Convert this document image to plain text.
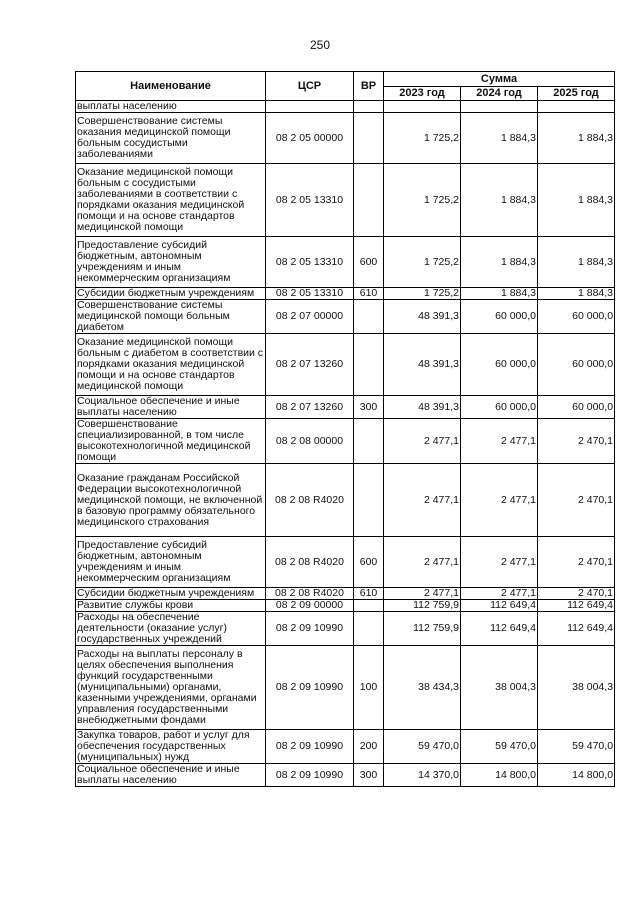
250
Наименование	ЦСР	ВР	Сумма		
			2023 год	2024 год	2025 год
выплаты населению					
Совершенствование системы оказания медицинской помощи больным сосудистыми заболеваниями	08 2 05 00000		1 725,2	1 884,3	1 884,3
Оказание медицинской помощи больным с сосудистыми заболеваниями в соответствии с порядками оказания медицинской помощи и на основе стандартов медицинской помощи	08 2 05 13310		1 725,2	1 884,3	1 884,3
Предоставление субсидий бюджетным, автономным учреждениям и иным некоммерческим организациям	08 2 05 13310	600	1 725,2	1 884,3	1 884,3
Субсидии бюджетным учреждениям	08 2 05 13310	610	1 725,2	1 884,3	1 884,3
Совершенствование системы медицинской помощи больным диабетом	08 2 07 00000		48 391,3	60 000,0	60 000,0
Оказание медицинской помощи больным с диабетом в соответствии с порядками оказания медицинской помощи и на основе стандартов медицинской помощи	08 2 07 13260		48 391,3	60 000,0	60 000,0
Социальное обеспечение и иные выплаты населению	08 2 07 13260	300	48 391,3	60 000,0	60 000,0
Совершенствование специализированной, в том числе высокотехнологичной медицинской помощи	08 2 08 00000		2 477,1	2 477,1	2 470,1
Оказание гражданам Российской Федерации высокотехнологичной медицинской помощи, не включенной в базовую программу обязательного медицинского страхования	08 2 08 R4020		2 477,1	2 477,1	2 470,1
Предоставление субсидий бюджетным, автономным учреждениям и иным некоммерческим организациям	08 2 08 R4020	600	2 477,1	2 477,1	2 470,1
Субсидии бюджетным учреждениям	08 2 08 R4020	610	2 477,1	2 477,1	2 470,1
Развитие службы крови	08 2 09 00000		112 759,9	112 649,4	112 649,4
Расходы на обеспечение деятельности (оказание услуг) государственных учреждений	08 2 09 10990		112 759,9	112 649,4	112 649,4
Расходы на выплаты персоналу в целях обеспечения выполнения функций государственными (муниципальными) органами, казенными учреждениями, органами управления государственными внебюджетными фондами	08 2 09 10990	100	38 434,3	38 004,3	38 004,3
Закупка товаров, работ и услуг для обеспечения государственных (муниципальных) нужд	08 2 09 10990	200	59 470,0	59 470,0	59 470,0
Социальное обеспечение и иные выплаты населению	08 2 09 10990	300	14 370,0	14 800,0	14 800,0
